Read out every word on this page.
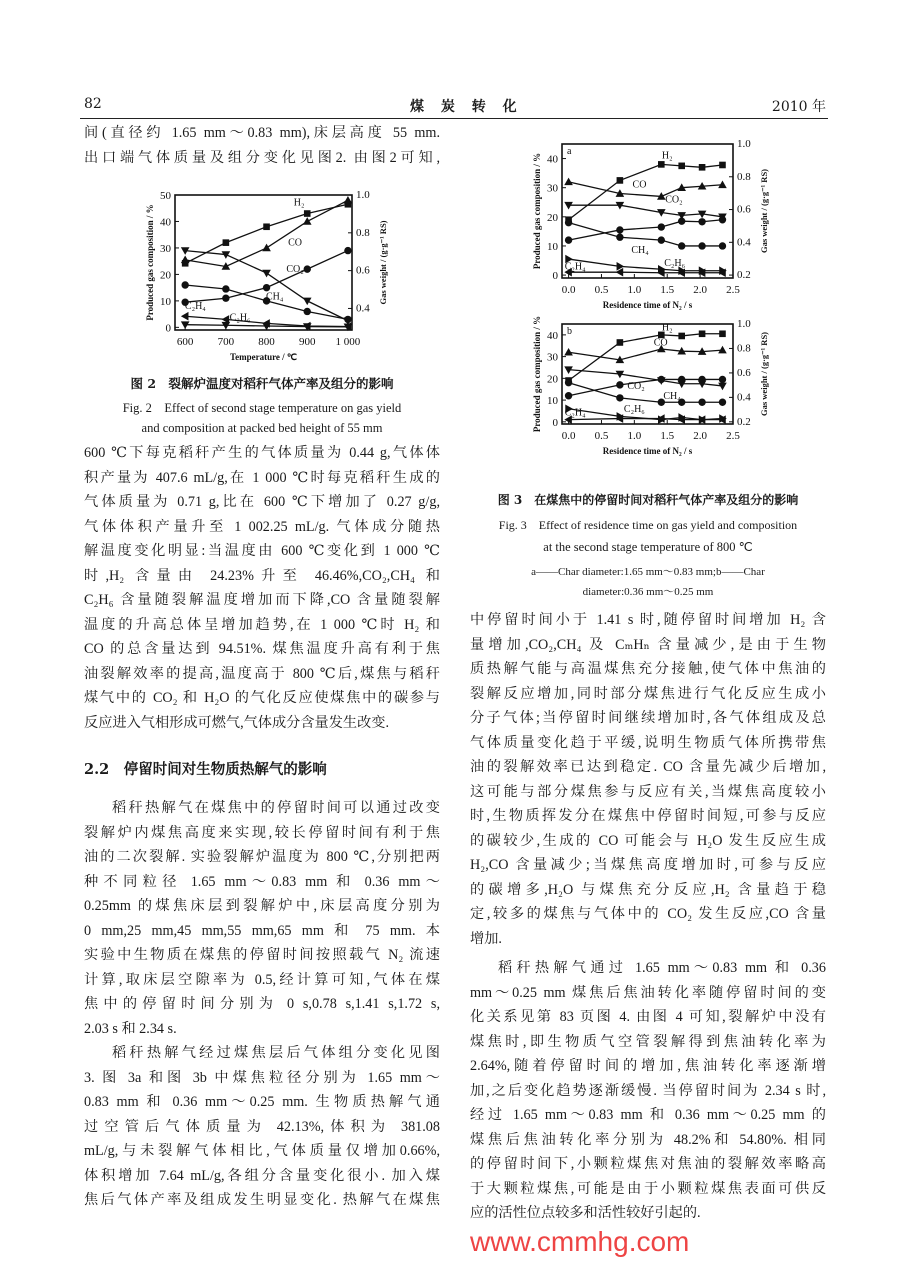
82	煤 炭 转 化	2010 年
间(直径约 1.65 mm～0.83 mm),床层高度 55 mm.
出口端气体质量及组分变化见图2. 由图2可知,
600 700 800 900 1 000
0
10
20
30
40
50
0.4
0.6
0.8
1.0
Temperature / ℃
Produced gas composition / %	Gas weight / (g·g⁻¹ RS)
H₂
CO
CO₂
CH₄
C₂H₄
C₂H₆
图 2　裂解炉温度对稻秆气体产率及组分的影响
Fig. 2　Effect of second stage temperature on gas yield
and composition at packed bed height of 55 mm
600 ℃下每克稻秆产生的气体质量为 0.44 g,气体体
积产量为 407.6 mL/g,在 1 000 ℃时每克稻秆生成的
气体质量为 0.71 g,比在 600 ℃下增加了 0.27 g/g,
气体体积产量升至 1 002.25 mL/g. 气体成分随热
解温度变化明显:当温度由 600 ℃变化到 1 000 ℃
时,H₂ 含量由 24.23%升至 46.46%,CO₂,CH₄ 和
C₂H₆ 含量随裂解温度增加而下降,CO 含量随裂解
温度的升高总体呈增加趋势,在 1 000 ℃时 H₂ 和
CO 的总含量达到 94.51%. 煤焦温度升高有利于焦
油裂解效率的提高,温度高于 800 ℃后,煤焦与稻秆
煤气中的 CO₂ 和 H₂O 的气化反应使煤焦中的碳参与
反应进入气相形成可燃气,气体成分含量发生改变.
2.2　停留时间对生物质热解气的影响
稻秆热解气在煤焦中的停留时间可以通过改变
裂解炉内煤焦高度来实现,较长停留时间有利于焦
油的二次裂解. 实验裂解炉温度为 800 ℃,分别把两
种不同粒径 1.65 mm～0.83 mm 和 0.36 mm～
0.25mm 的煤焦床层到裂解炉中,床层高度分别为
0 mm,25 mm,45 mm,55 mm,65 mm 和 75 mm. 本
实验中生物质在煤焦的停留时间按照载气 N₂ 流速
计算,取床层空隙率为 0.5,经计算可知,气体在煤
焦中的停留时间分别为 0 s,0.78 s,1.41 s,1.72 s,
2.03 s 和 2.34 s.
稻秆热解气经过煤焦层后气体组分变化见图
3. 图 3a 和图 3b 中煤焦粒径分别为 1.65 mm～
0.83 mm 和 0.36 mm～0.25 mm. 生物质热解气通
过空管后气体质量为 42.13%,体积为 381.08
mL/g,与未裂解气体相比,气体质量仅增加0.66%,
体积增加 7.64 mL/g,各组分含量变化很小. 加入煤
焦后气体产率及组成发生明显变化. 热解气在煤焦
0.0 0.5 1.0 1.5 2.0 2.5
0
10
20
30
40
0.2
0.4
0.6
0.8
1.0
Residence time of N₂ / s
Produced gas composition / %	Gas weight / (g·g⁻¹ RS)
a	H₂
CO
CO₂
CH₄
C₂H₆
C₂H₄
0.0 0.5 1.0 1.5 2.0 2.5
0
10
20
30
40
0.2
0.4
0.6
0.8
1.0
Residence time of N₂ / s
Produced gas composition / %	Gas weight / (g·g⁻¹ RS)
b	H₂
CO
CO₂
CH₄
C₂H₆
C₂H₄
图 3　在煤焦中的停留时间对稻秆气体产率及组分的影响
Fig. 3　Effect of residence time on gas yield and composition
at the second stage temperature of 800 ℃
a——Char diameter:1.65 mm～0.83 mm;b——Char
diameter:0.36 mm～0.25 mm
中停留时间小于 1.41 s 时,随停留时间增加 H₂ 含
量增加,CO₂,CH₄ 及 CₘHₙ 含量减少,是由于生物
质热解气能与高温煤焦充分接触,使气体中焦油的
裂解反应增加,同时部分煤焦进行气化反应生成小
分子气体;当停留时间继续增加时,各气体组成及总
气体质量变化趋于平缓,说明生物质气体所携带焦
油的裂解效率已达到稳定. CO 含量先减少后增加,
这可能与部分煤焦参与反应有关,当煤焦高度较小
时,生物质挥发分在煤焦中停留时间短,可参与反应
的碳较少,生成的 CO 可能会与 H₂O 发生反应生成
H₂,CO 含量减少;当煤焦高度增加时,可参与反应
的碳增多,H₂O 与煤焦充分反应,H₂ 含量趋于稳
定,较多的煤焦与气体中的 CO₂ 发生反应,CO 含量
增加.
稻秆热解气通过 1.65 mm～0.83 mm 和 0.36
mm～0.25 mm 煤焦后焦油转化率随停留时间的变
化关系见第 83 页图 4. 由图 4 可知,裂解炉中没有
煤焦时,即生物质气空管裂解得到焦油转化率为
2.64%,随着停留时间的增加,焦油转化率逐渐增
加,之后变化趋势逐渐缓慢. 当停留时间为 2.34 s 时,
经过 1.65 mm～0.83 mm 和 0.36 mm～0.25 mm 的
煤焦后焦油转化率分别为 48.2%和 54.80%. 相同
的停留时间下,小颗粒煤焦对焦油的裂解效率略高
于大颗粒煤焦,可能是由于小颗粒煤焦表面可供反
应的活性位点较多和活性较好引起的.
www.cmmhg.com
